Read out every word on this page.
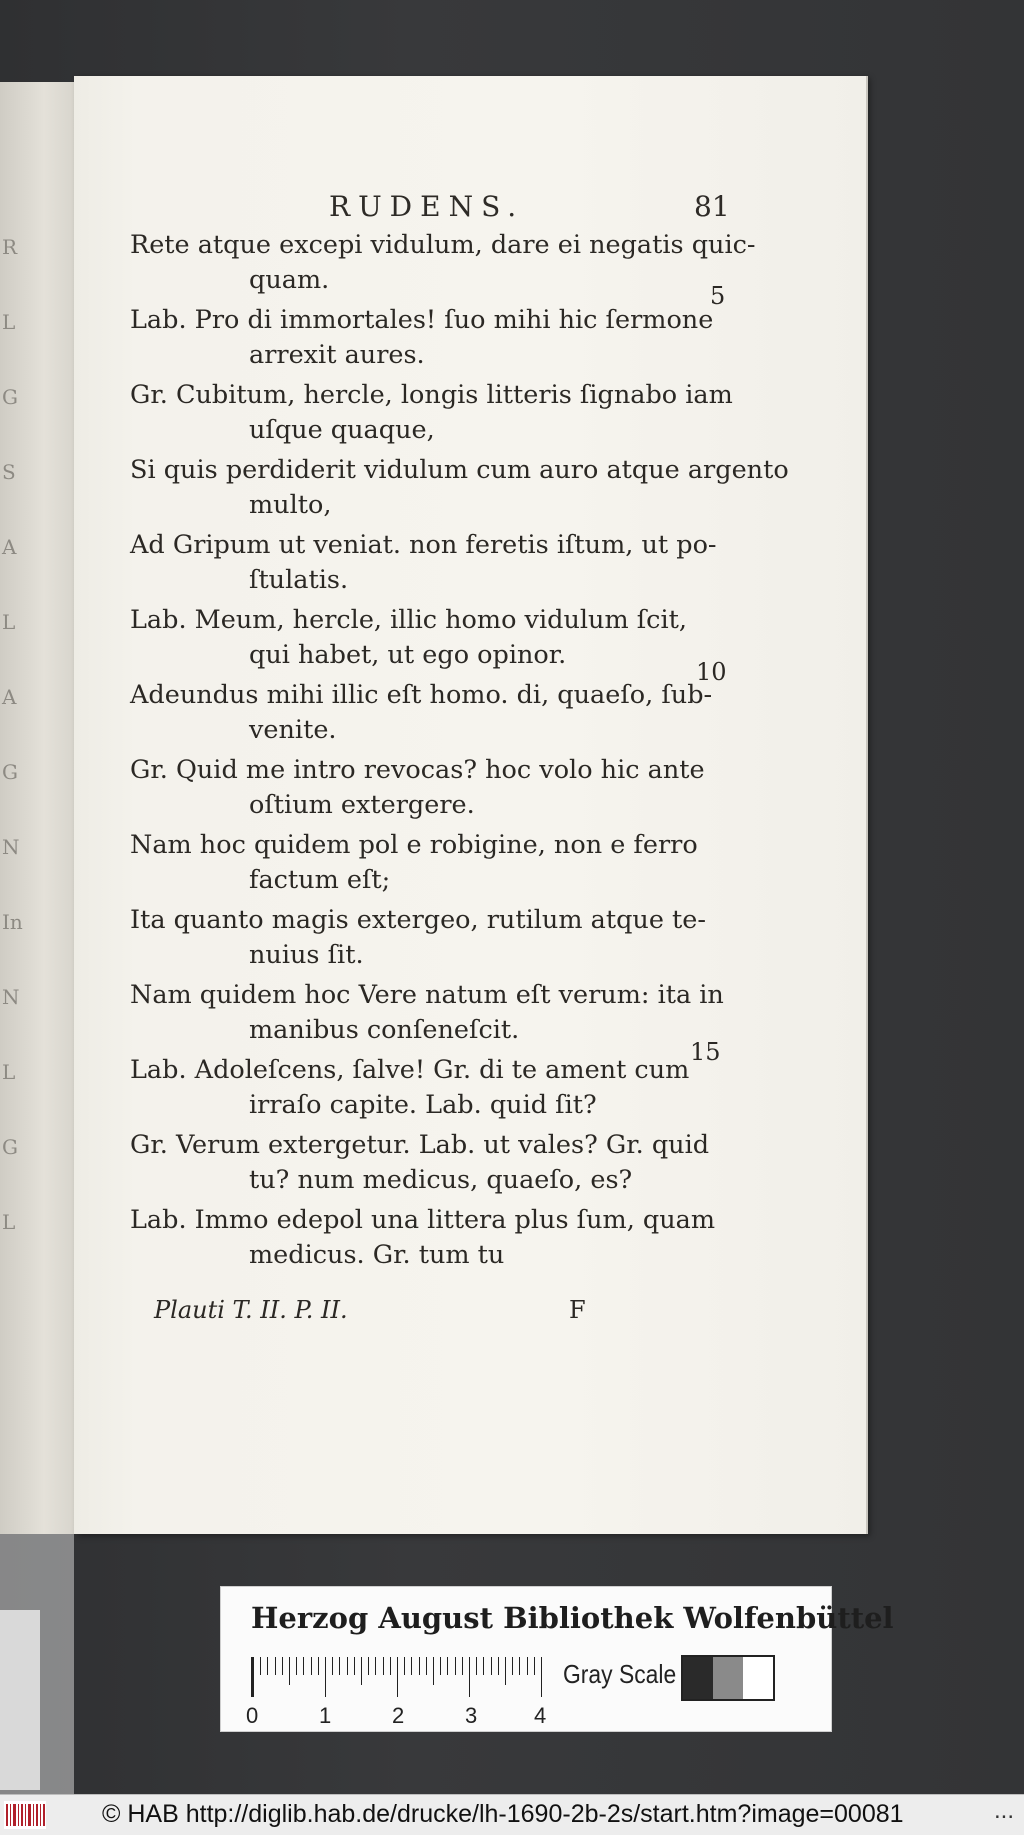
R
L
G
S
A
L
A
G
N
In
N
L
G
L
RUDENS.	81
Rete atque excepi vidulum, dare ei negatis quic-
quam.
Lab. Pro di immortales! ſuo mihi hic ſermone
arrexit aures.
Gr. Cubitum, hercle, longis litteris ſignabo iam
uſque quaque,
Si quis perdiderit vidulum cum auro atque argento
multo,
Ad Gripum ut veniat. non feretis iſtum, ut po-
ſtulatis.
Lab. Meum, hercle, illic homo vidulum ſcit,
qui habet, ut ego opinor.
Adeundus mihi illic eſt homo. di, quaeſo, ſub-
venite.
Gr. Quid me intro revocas? hoc volo hic ante
oſtium extergere.
Nam hoc quidem pol e robigine, non e ferro
factum eſt;
Ita quanto magis extergeo, rutilum atque te-
nuius ſit.
Nam quidem hoc Vere natum eſt verum: ita in
manibus conſeneſcit.
Lab. Adoleſcens, ſalve! Gr. di te ament cum
irraſo capite. Lab. quid ſit?
Gr. Verum extergetur. Lab. ut vales? Gr. quid
tu? num medicus, quaeſo, es?
Lab. Immo edepol una littera plus ſum, quam
medicus. Gr. tum tu
5
10
15
Plauti T. II. P. II.	F
Herzog August Bibliothek Wolfenbüttel
0	1	2	3	4
Gray Scale
© HAB http://diglib.hab.de/drucke/lh-1690-2b-2s/start.htm?image=00081	...
